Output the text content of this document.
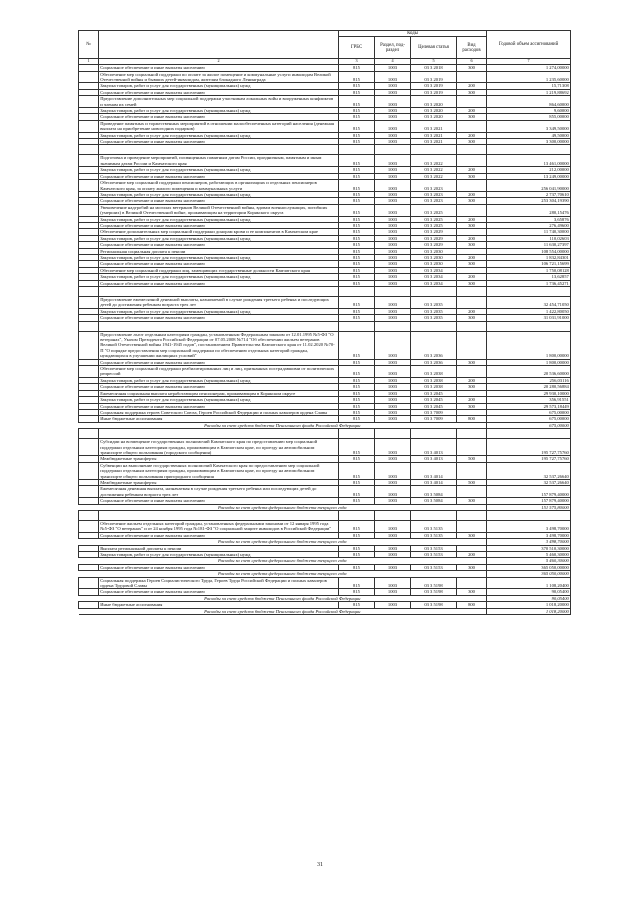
№		Коды				Годовой объем ассигнований
		ГРБС	Раздел, под-раздел	Целевая статья	Вид расходов	
1	2	3	4	5	6	7
	Социальное обеспечение и иные выплаты населению	815	1003	03 3 2018	300	1 274,00000
	Обеспечение мер социальной поддержки по оплате за жилое помещение и коммунальные услуги инвалидам Великой Отечественной войны и бывших детей-инвалидам, жителям блокадного Ленинграда	815	1003	03 3 2019		1 235,60000
	Закупка товаров, работ и услуг для государственных (муниципальных) нужд	815	1003	03 3 2019	200	15,71308
	Социальное обеспечение и иные выплаты населению	815	1003	03 3 2019	300	1 219,88692
	Предоставление дополнительных мер социальной поддержки участникам локальных войн и вооруженных конфликтов и членам их семей	815	1003	03 3 2020		864,60000
	Закупка товаров, работ и услуг для государственных (муниципальных) нужд	815	1003	03 3 2020	200	9,60000
	Социальное обеспечение и иные выплаты населению	815	1003	03 3 2020	300	855,00000
	Проведение памятных и торжественных мероприятий в отношении малообеспеченных категорий населения (денежная выплата на приобретение новогодних подарков)	815	1003	03 3 2021		3 349,50000
	Закупка товаров, работ и услуг для государственных (муниципальных) нужд	815	1003	03 3 2021	200	49,50000
	Социальное обеспечение и иные выплаты населению	815	1003	03 3 2021	300	3 300,00000

	Подготовка и проведение мероприятий, посвященных памятным датам России, праздничным, памятным и иным значимым датам России и Камчатского края	815	1003	03 3 2022		13 461,00000
	Закупка товаров, работ и услуг для государственных (муниципальных) нужд	815	1003	03 3 2022	200	212,00000
	Социальное обеспечение и иные выплаты населению	815	1003	03 3 2022	300	13 249,00000
	Обеспечение мер социальной поддержки пенсионеров, работающих в организациях и отдельных пенсионеров Камчатского края, за оплату жилого помещения и коммунальных услуги	815	1003	03 3 2023		256 041,90000
	Закупка товаров, работ и услуг для государственных (муниципальных) нужд	815	1003	03 3 2023	200	2 737,70610
	Социальное обеспечение и иные выплаты населению	815	1003	03 3 2023	300	253 304,19390
	Увековечение надгробий на могилах ветеранов Великой Отечественной войны, вдовам военнослужащих, погибших (умерших) в Великой Отечественной войне, проживающим на территории Корякского округа	815	1003	03 3 2025		280,15476
	Закупка товаров, работ и услуг для государственных (муниципальных) нужд	815	1003	03 3 2025	200	3,65876
	Социальное обеспечение и иные выплаты населению	815	1003	03 3 2025	300	276,49600
	Обеспечение дополнительных мер социальной поддержки донорам крови и ее компонентов в Камчатском крае	815	1003	03 3 2029		11 740,30000
	Закупка товаров, работ и услуг для государственных (муниципальных) нужд	815	1003	03 3 2029	200	110,02603
	Социальное обеспечение и иные выплаты населению	815	1003	03 3 2029	300	11 630,27397
	Региональная социальная доплата к пенсии	815	1003	03 3 2030		108 554,00000
	Закупка товаров, работ и услуг для государственных (муниципальных) нужд	815	1003	03 3 2030	200	1 832,84301
	Социальное обеспечение и иные выплаты населению	815	1003	03 3 2030	300	106 721,15699
	Обеспечение мер социальной поддержки лиц, замещающих государственные должности Камчатского края	815	1003	03 3 2034		1 750,08128
	Закупка товаров, работ и услуг для государственных (муниципальных) нужд	815	1003	03 3 2034	200	13,62857
	Социальное обеспечение и иные выплаты населению	815	1003	03 3 2034	300	1 736,45271

	Предоставление ежемесячной денежной выплаты, назначаемой в случае рождения третьего ребенка и последующих детей до достижения ребенком возраста трех лет	815	1003	03 3 2035		32 454,71050
	Закупка товаров, работ и услуг для государственных (муниципальных) нужд	815	1003	03 3 2035	200	1 422,80050
	Социальное обеспечение и иные выплаты населению	815	1003	03 3 2035	300	31 031,91000

	Предоставление льгот отдельным категориям граждан, установленным Федеральным законом от 12.01.1995 №5-ФЗ "О ветеранах", Указом Президента Российской Федерации от 07.05.2008 №714 "Об обеспечении жильем ветеранов Великой Отечественной войны 1941-1945 годов", постановлением Правительства Камчатского края от 11.02.2020 №70-П "О порядке предоставления мер социальной поддержки по обеспечению отдельных категорий граждан, нуждающихся в улучшении жилищных условий"	815	1003	03 3 2036		1 800,00000
	Социальное обеспечение и иные выплаты населению	815	1003	03 3 2036	300	1 800,00000
	Обеспечение мер социальной поддержки реабилитированных лиц и лиц, признанных пострадавшими от политических репрессий	815	1003	03 3 2038		20 536,60000
	Закупка товаров, работ и услуг для государственных (муниципальных) нужд	815	1003	03 3 2038	200	256,03116
	Социальное обеспечение и иные выплаты населению	815	1003	03 3 2038	300	20 280,56884
	Ежемесячная социальная выплата неработающим пенсионерам, проживающим в Корякском округе	815	1003	03 3 2045		29 930,10000
	Закупка товаров, работ и услуг для государственных (муниципальных) нужд	815	1003	03 3 2045	200	356,91551
	Социальное обеспечение и иные выплаты населению	815	1003	03 3 2045	300	29 573,18449
	Социальная поддержка героев Советского Союза, Героев Российской Федерации и полных кавалеров ордена Славы	815	1003	03 3 7009		675,00000
	Иные бюджетные ассигнования	815	1003	03 3 7009	800	675,00000
Расходы за счет средств бюджета Пенсионного фонда Российской Федерации						675,00000

	Субсидии на возмещение государственных полномочий Камчатского края по предоставлению мер социальной поддержки отдельным категориям граждан, проживающим в Камчатском крае, по проезду на автомобильном транспорте общего пользования (городского сообщения)	815	1003	03 3 4013		195 727,75760
	Межбюджетные трансферты	815	1003	03 3 4013	500	195 727,75760
	Субвенции на выполнение государственных полномочий Камчатского края по предоставлению мер социальной поддержки отдельным категориям граждан, проживающим в Камчатском крае, по проезду на автомобильном транспорте общего пользования пригородного сообщения	815	1003	03 3 4014		32 537,26640
	Межбюджетные трансферты	815	1003	03 3 4014	500	32 537,26640
	Ежемесячная денежная выплата, назначаемая в случае рождения третьего ребенка или последующих детей до достижения ребенком возраста трех лет	815	1003	03 3 5084		157 879,40000
	Социальное обеспечение и иные выплаты населению	815	1003	03 3 5084	300	157 879,40000
Расходы за счет средств федерального бюджета текущего года						151 575,80000

	Обеспечение жильем отдельных категорий граждан, установленных федеральными законами от 12 января 1995 года №5-ФЗ "О ветеранах" и от 24 ноября 1995 года №181-ФЗ "О социальной защите инвалидов в Российской Федерации"	815	1003	03 3 5135		3 498,70000
	Социальное обеспечение и иные выплаты населению	815	1003	03 3 5135	300	3 498,70000
Расходы за счет средств федерального бюджета текущего года						3 498,70000
	Выплата региональной доплаты к пенсии	815	1003	03 3 5153		370 510,30000
	Закупка товаров, работ и услуг для государственных (муниципальных) нужд	815	1003	03 3 5153	200	5 460,30000
Расходы за счет средств федерального бюджета текущего года						5 460,30000
	Социальное обеспечение и иные выплаты населению	815	1003	03 3 5153	300	365 050,00000
Расходы за счет средств федерального бюджета текущего года						365 050,00000
	Социальная поддержка Героев Социалистического Труда, Героев Труда Российской Федерации и полных кавалеров ордена Трудовой Славы	815	1003	03 3 5198		1 108,20400
	Социальное обеспечение и иные выплаты населению	815	1003	03 3 5198	300	90,05400
Расходы за счет средств бюджета Пенсионного фонда Российской Федерации						90,05400
	Иные бюджетные ассигнования	815	1003	03 3 5198	800	1 018,20000
Расходы за счет средств бюджета Пенсионного фонда Российской Федерации						1 018,20000
31
